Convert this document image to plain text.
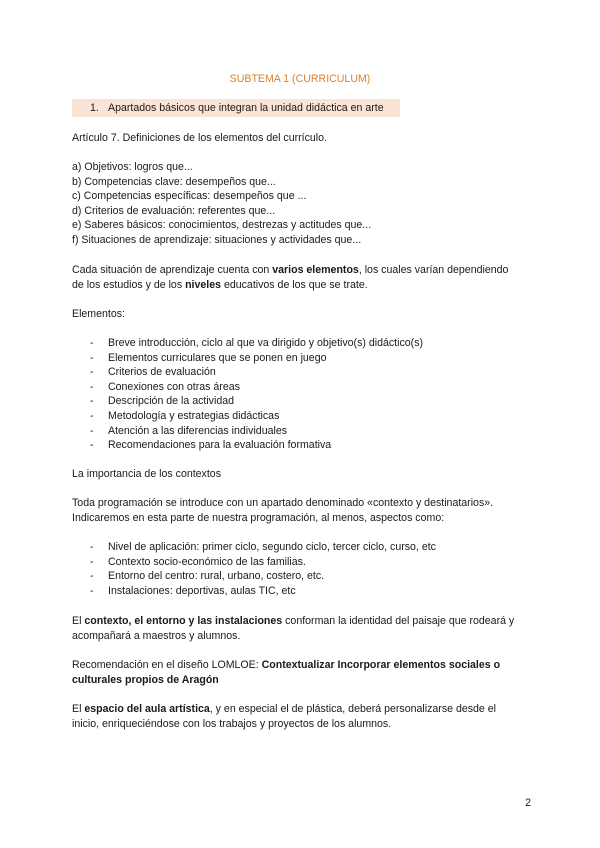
SUBTEMA 1 (CURRICULUM)
1. Apartados básicos que integran la unidad didáctica en arte

Artículo 7. Definiciones de los elementos del currículo.

a) Objetivos: logros que...

b) Competencias clave: desempeños que...

c) Competencias específicas: desempeños que ...

d) Criterios de evaluación: referentes que...

e) Saberes básicos: conocimientos, destrezas y actitudes que...

f) Situaciones de aprendizaje: situaciones y actividades que...

Cada situación de aprendizaje cuenta con varios elementos, los cuales varían dependiendo de los estudios y de los niveles educativos de los que se trate.

Elementos:

- Breve introducción, ciclo al que va dirigido y objetivo(s) didáctico(s)
- Elementos curriculares que se ponen en juego
- Criterios de evaluación
- Conexiones con otras áreas
- Descripción de la actividad
- Metodología y estrategias didácticas
- Atención a las diferencias individuales
- Recomendaciones para la evaluación formativa

La importancia de los contextos

Toda programación se introduce con un apartado denominado «contexto y destinatarios». Indicaremos en esta parte de nuestra programación, al menos, aspectos como:

- Nivel de aplicación: primer ciclo, segundo ciclo, tercer ciclo, curso, etc
- Contexto socio-económico de las familias.
- Entorno del centro: rural, urbano, costero, etc.
- Instalaciones: deportivas, aulas TIC, etc

El contexto, el entorno y las instalaciones conforman la identidad del paisaje que rodeará y acompañará a maestros y alumnos.

Recomendación en el diseño LOMLOE: Contextualizar Incorporar elementos sociales o culturales propios de Aragón

El espacio del aula artística, y en especial el de plástica, deberá personalizarse desde el inicio, enriqueciéndose con los trabajos y proyectos de los alumnos.

2
